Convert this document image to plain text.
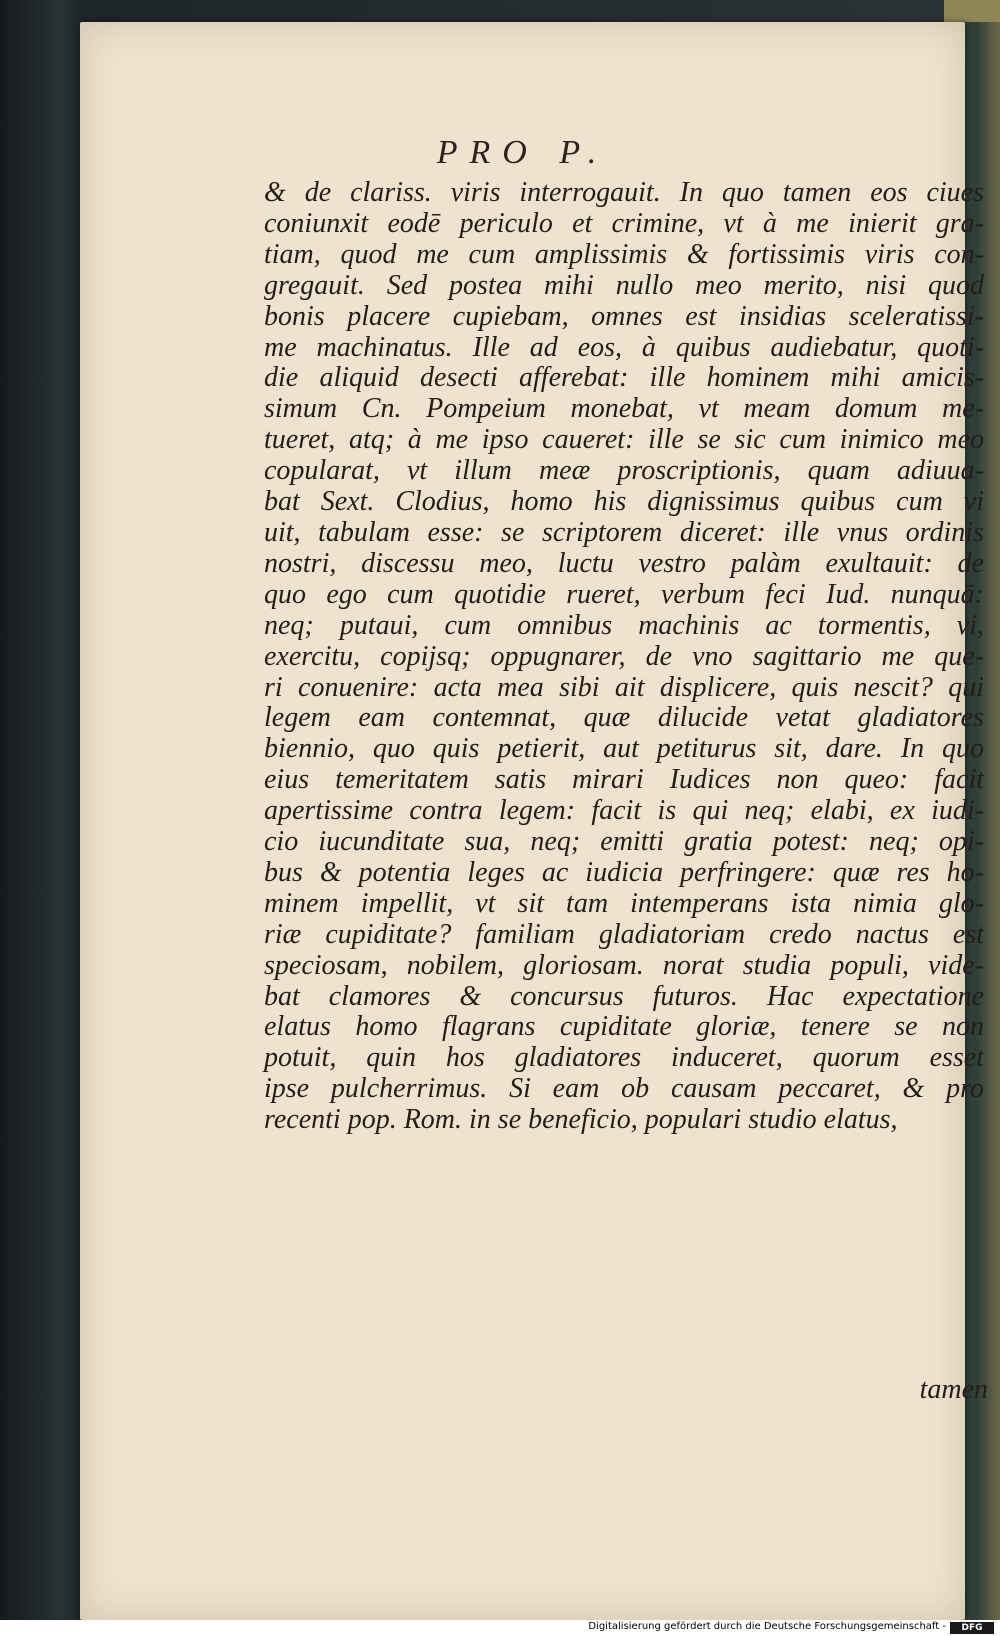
PRO P.
& de clariss. viris interrogauit. In quo tamen eos ciues
coniunxit eodē periculo et crimine, vt à me inierit gra-
tiam, quod me cum amplissimis & fortissimis viris con-
gregauit. Sed postea mihi nullo meo merito, nisi quod
bonis placere cupiebam, omnes est insidias sceleratissi-
me machinatus. Ille ad eos, à quibus audiebatur, quoti-
die aliquid desecti afferebat: ille hominem mihi amicis-
simum Cn. Pompeium monebat, vt meam domum me-
tueret, atq; à me ipso caueret: ille se sic cum inimico meo
copularat, vt illum meæ proscriptionis, quam adiuua-
bat Sext. Clodius, homo his dignissimus quibus cum vi
uit, tabulam esse: se scriptorem diceret: ille vnus ordinis
nostri, discessu meo, luctu vestro palàm exultauit: de
quo ego cum quotidie rueret, verbum feci Iud. nunquā:
neq; putaui, cum omnibus machinis ac tormentis, vi,
exercitu, copijsq; oppugnarer, de vno sagittario me que-
ri conuenire: acta mea sibi ait displicere, quis nescit? qui
legem eam contemnat, quæ dilucide vetat gladiatores
biennio, quo quis petierit, aut petiturus sit, dare. In quo
eius temeritatem satis mirari Iudices non queo: facit
apertissime contra legem: facit is qui neq; elabi, ex iudi-
cio iucunditate sua, neq; emitti gratia potest: neq; opi-
bus & potentia leges ac iudicia perfringere: quæ res ho-
minem impellit, vt sit tam intemperans ista nimia glo-
riæ cupiditate? familiam gladiatoriam credo nactus est
speciosam, nobilem, gloriosam. norat studia populi, vide-
bat clamores & concursus futuros. Hac expectatione
elatus homo flagrans cupiditate gloriæ, tenere se non
potuit, quin hos gladiatores induceret, quorum esset
ipse pulcherrimus. Si eam ob causam peccaret, & pro
recenti pop. Rom. in se beneficio, populari studio elatus,
tamen
Digitalisierung gefördert durch die Deutsche Forschungsgemeinschaft -	DFG
